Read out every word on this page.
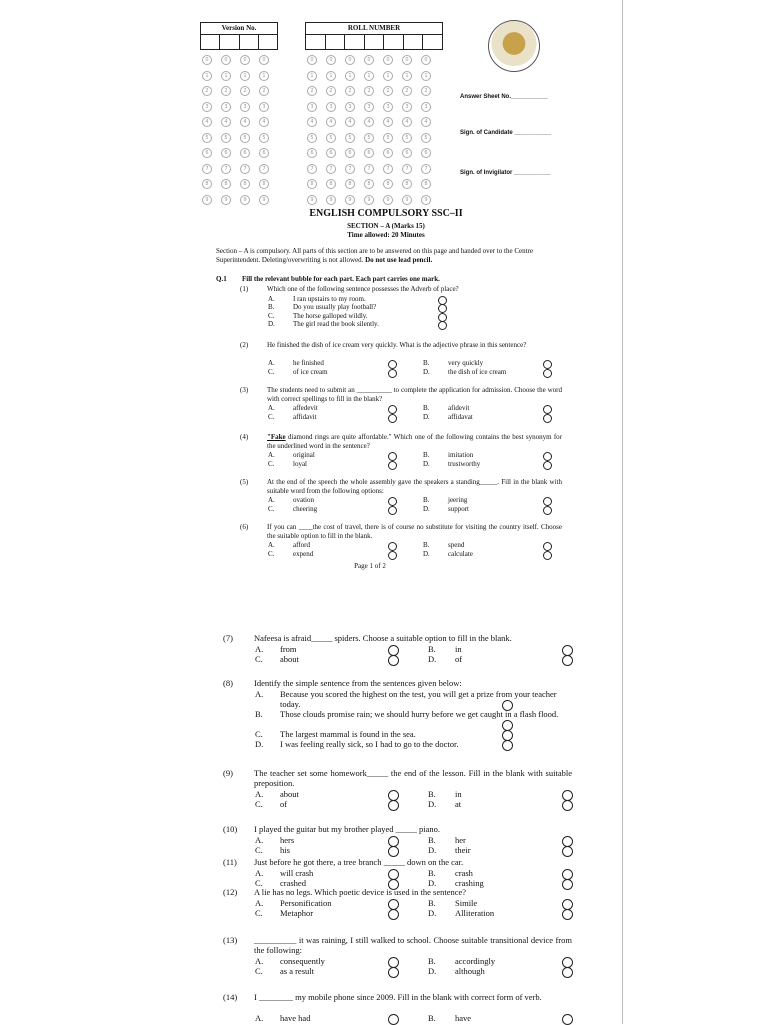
Version No.	ROLL NUMBER
0	0	0	0	0	0	0	0	0	0	0
1	1	1	1	1	1	1	1	1	1	1
2	2	2	2	2	2	2	2	2	2	2
3	3	3	3	3	3	3	3	3	3	3
4	4	4	4	4	4	4	4	4	4	4
5	5	5	5	5	5	5	5	5	5	5
6	6	6	6	6	6	6	6	6	6	6
7	7	7	7	7	7	7	7	7	7	7
8	8	8	8	8	8	8	8	8	8	8
9	9	9	9	9	9	9	9	9	9	9
Answer Sheet No.___________
Sign. of Candidate ___________
Sign. of Invigilator ___________
ENGLISH COMPULSORY SSC–II
SECTION – A (Marks 15)
Time allowed: 20 Minutes
Section – A is compulsory. All parts of this section are to be answered on this page and handed over to the Centre Superintendent. Deleting/overwriting is not allowed. Do not use lead pencil.
Q.1 Fill the relevant bubble for each part. Each part carries one mark.
(1)	Which one of the following sentence possesses the Adverb of place?
A.	I ran upstairs to my room.
B.	Do you usually play football?
C.	The horse galloped wildly.
D.	The girl read the book silently.
(2)	He finished the dish of ice cream very quickly. What is the adjective phrase in this sentence?
A.	he finished	B.	very quickly
C.	of ice cream	D.	the dish of ice cream
(3)	The students need to submit an __________ to complete the application for admission. Choose the word with correct spellings to fill in the blank?
A.	affedevit	B.	afidevit
C.	affidavit	D.	affidavat
(4)	"Fake diamond rings are quite affordable." Which one of the following contains the best synonym for the underlined word in the sentence?
A.	original	B.	imitation
C.	loyal	D.	trustworthy
(5)	At the end of the speech the whole assembly gave the speakers a standing_____. Fill in the blank with suitable word from the following options:
A.	ovation	B.	jeering
C.	cheering	D.	support
(6)	If you can ____the cost of travel, there is of course no substitute for visiting the country itself. Choose the suitable option to fill in the blank.
A.	afford	B.	spend
C.	expend	D.	calculate
Page 1 of 2
(7) Nafeesa is afraid_____ spiders. Choose a suitable option to fill in the blank.
A. from	B. in
C. about	D. of
(8) Identify the simple sentence from the sentences given below:
A. Because you scored the highest on the test, you will get a prize from your teacher today.
B. Those clouds promise rain; we should hurry before we get caught in a flash flood.
C. The largest mammal is found in the sea.
D. I was feeling really sick, so I had to go to the doctor.
(9) The teacher set some homework_____ the end of the lesson. Fill in the blank with suitable preposition.
A. about	B. in
C. of	D. at
(10) I played the guitar but my brother played _____ piano.
A. hers	B. her
C. his	D. their
(11) Just before he got there, a tree branch _____ down on the car.
A. will crash	B. crash
C. crashed	D. crashing
(12) A lie has no legs. Which poetic device is used in the sentence?
A. Personification	B. Simile
C. Metaphor	D. Alliteration
(13) __________ it was raining, I still walked to school. Choose suitable transitional device from the following:
A. consequently	B. accordingly
C. as a result	D. although
(14) I ________ my mobile phone since 2009. Fill in the blank with correct form of verb.
A. have had	B. have
